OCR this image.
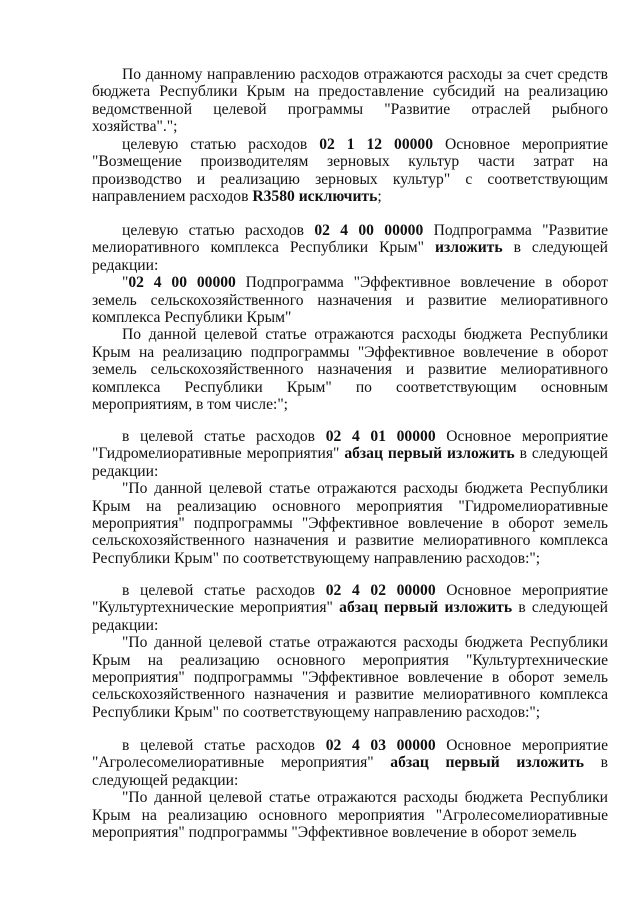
По данному направлению расходов отражаются расходы за счет средств бюджета Республики Крым на предоставление субсидий на реализацию ведомственной целевой программы "Развитие отраслей рыбного хозяйства".";

целевую статью расходов 02 1 12 00000 Основное мероприятие "Возмещение производителям зерновых культур части затрат на производство и реализацию зерновых культур" с соответствующим направлением расходов R3580 исключить;

целевую статью расходов 02 4 00 00000 Подпрограмма "Развитие мелиоративного комплекса Республики Крым" изложить в следующей редакции:

"02 4 00 00000 Подпрограмма "Эффективное вовлечение в оборот земель сельскохозяйственного назначения и развитие мелиоративного комплекса Республики Крым"

По данной целевой статье отражаются расходы бюджета Республики Крым на реализацию подпрограммы "Эффективное вовлечение в оборот земель сельскохозяйственного назначения и развитие мелиоративного комплекса Республики Крым" по соответствующим основным мероприятиям, в том числе:";

в целевой статье расходов 02 4 01 00000 Основное мероприятие "Гидромелиоративные мероприятия" абзац первый изложить в следующей редакции:

"По данной целевой статье отражаются расходы бюджета Республики Крым на реализацию основного мероприятия "Гидромелиоративные мероприятия" подпрограммы "Эффективное вовлечение в оборот земель сельскохозяйственного назначения и развитие мелиоративного комплекса Республики Крым" по соответствующему направлению расходов:";

в целевой статье расходов 02 4 02 00000 Основное мероприятие "Культуртехнические мероприятия" абзац первый изложить в следующей редакции:

"По данной целевой статье отражаются расходы бюджета Республики Крым на реализацию основного мероприятия "Культуртехнические мероприятия" подпрограммы "Эффективное вовлечение в оборот земель сельскохозяйственного назначения и развитие мелиоративного комплекса Республики Крым" по соответствующему направлению расходов:";

в целевой статье расходов 02 4 03 00000 Основное мероприятие "Агролесомелиоративные мероприятия" абзац первый изложить в следующей редакции:

"По данной целевой статье отражаются расходы бюджета Республики Крым на реализацию основного мероприятия "Агролесомелиоративные мероприятия" подпрограммы "Эффективное вовлечение в оборот земель
